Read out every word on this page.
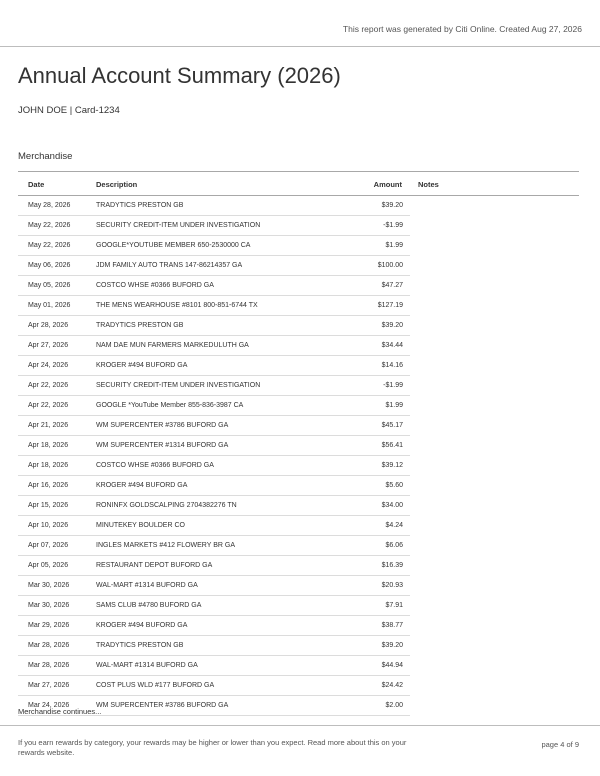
This report was generated by Citi Online. Created Aug 27, 2026
Annual Account Summary (2026)
JOHN DOE | Card-1234
Merchandise
Date	Description	Amount Notes
May 28, 2026	TRADYTICS PRESTON GB	$39.20
May 22, 2026	SECURITY CREDIT-ITEM UNDER INVESTIGATION	-$1.99
May 22, 2026	GOOGLE*YOUTUBE MEMBER 650-2530000 CA	$1.99
May 06, 2026	JDM FAMILY AUTO TRANS 147-86214357 GA	$100.00
May 05, 2026	COSTCO WHSE #0366 BUFORD GA	$47.27
May 01, 2026	THE MENS WEARHOUSE #8101 800-851-6744 TX	$127.19
Apr 28, 2026	TRADYTICS PRESTON GB	$39.20
Apr 27, 2026	NAM DAE MUN FARMERS MARKEDULUTH GA	$34.44
Apr 24, 2026	KROGER #494 BUFORD GA	$14.16
Apr 22, 2026	SECURITY CREDIT-ITEM UNDER INVESTIGATION	-$1.99
Apr 22, 2026	GOOGLE *YouTube Member 855-836-3987 CA	$1.99
Apr 21, 2026	WM SUPERCENTER #3786 BUFORD GA	$45.17
Apr 18, 2026	WM SUPERCENTER #1314 BUFORD GA	$56.41
Apr 18, 2026	COSTCO WHSE #0366 BUFORD GA	$39.12
Apr 16, 2026	KROGER #494 BUFORD GA	$5.60
Apr 15, 2026	RONINFX GOLDSCALPING 2704382276 TN	$34.00
Apr 10, 2026	MINUTEKEY BOULDER CO	$4.24
Apr 07, 2026	INGLES MARKETS #412 FLOWERY BR GA	$6.06
Apr 05, 2026	RESTAURANT DEPOT BUFORD GA	$16.39
Mar 30, 2026	WAL-MART #1314 BUFORD GA	$20.93
Mar 30, 2026	SAMS CLUB #4780 BUFORD GA	$7.91
Mar 29, 2026	KROGER #494 BUFORD GA	$38.77
Mar 28, 2026	TRADYTICS PRESTON GB	$39.20
Mar 28, 2026	WAL-MART #1314 BUFORD GA	$44.94
Mar 27, 2026	COST PLUS WLD #177 BUFORD GA	$24.42
Mar 24, 2026	WM SUPERCENTER #3786 BUFORD GA	$2.00
Merchandise continues...
If you earn rewards by category, your rewards may be higher or lower than you expect. Read more about this on your rewards website.
page 4 of 9
